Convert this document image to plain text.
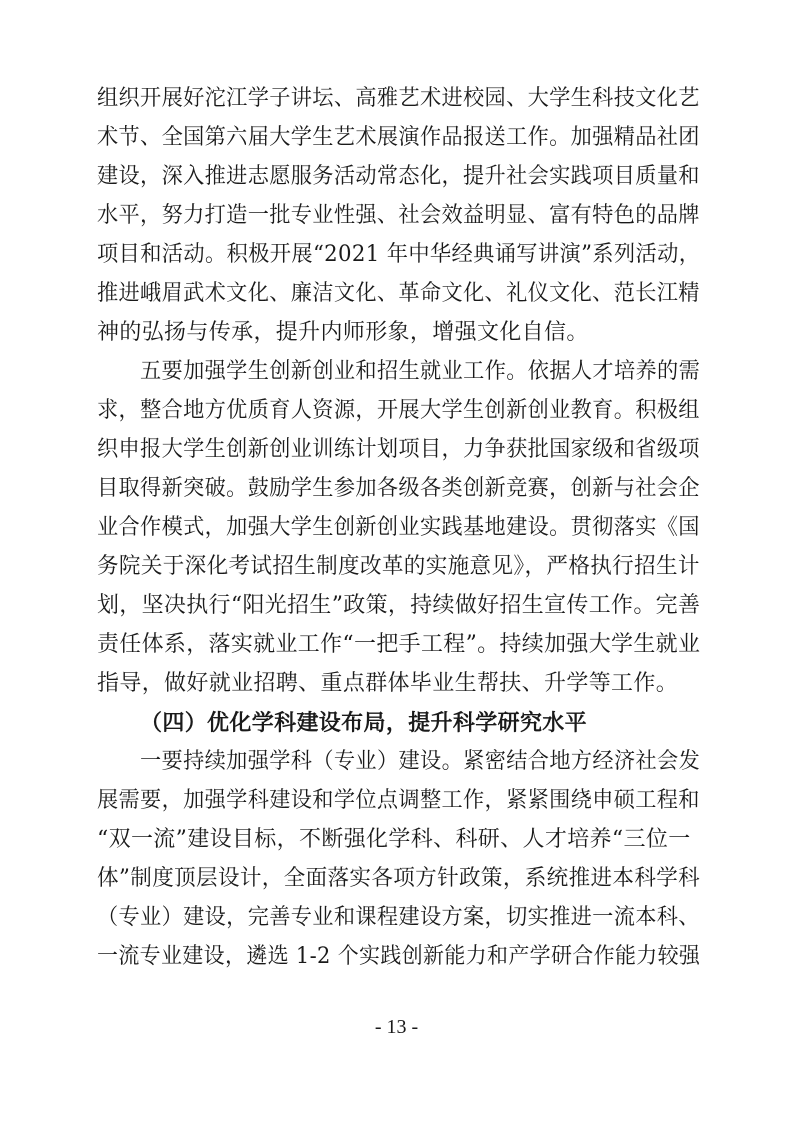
组织开展好沱江学子讲坛、高雅艺术进校园、大学生科技文化艺
术节、全国第六届大学生艺术展演作品报送工作。加强精品社团
建设，深入推进志愿服务活动常态化，提升社会实践项目质量和
水平，努力打造一批专业性强、社会效益明显、富有特色的品牌
项目和活动。积极开展“2021 年中华经典诵写讲演”系列活动，
推进峨眉武术文化、廉洁文化、革命文化、礼仪文化、范长江精
神的弘扬与传承，提升内师形象，增强文化自信。
五要加强学生创新创业和招生就业工作。依据人才培养的需
求，整合地方优质育人资源，开展大学生创新创业教育。积极组
织申报大学生创新创业训练计划项目，力争获批国家级和省级项
目取得新突破。鼓励学生参加各级各类创新竞赛，创新与社会企
业合作模式，加强大学生创新创业实践基地建设。贯彻落实《国
务院关于深化考试招生制度改革的实施意见》，严格执行招生计
划，坚决执行“阳光招生”政策，持续做好招生宣传工作。完善
责任体系，落实就业工作“一把手工程”。持续加强大学生就业
指导，做好就业招聘、重点群体毕业生帮扶、升学等工作。
（四）优化学科建设布局，提升科学研究水平
一要持续加强学科（专业）建设。紧密结合地方经济社会发
展需要，加强学科建设和学位点调整工作，紧紧围绕申硕工程和
“双一流”建设目标，不断强化学科、科研、人才培养“三位一
体”制度顶层设计，全面落实各项方针政策，系统推进本科学科
（专业）建设，完善专业和课程建设方案，切实推进一流本科、
一流专业建设，遴选 1-2 个实践创新能力和产学研合作能力较强
- 13 -
